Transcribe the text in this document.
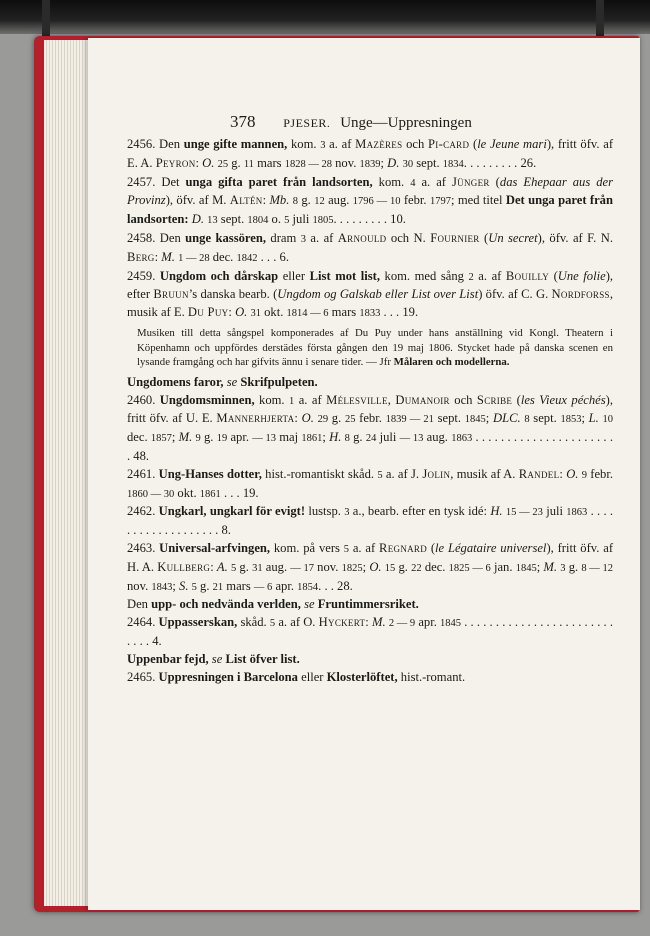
378 PJESER. Unge—Uppresningen

2456. Den unge gifte mannen, kom. 3 a. af Mazères och Pi-card (le Jeune mari), fritt öfv. af E. A. Peyron: O. 25 g. 11 mars 1828 — 28 nov. 1839; D. 30 sept. 1834. . . . . . . . . 26.

2457. Det unga gifta paret från landsorten, kom. 4 a. af Jünger (das Ehepaar aus der Provinz), öfv. af M. Altén: Mb. 8 g. 12 aug. 1796 — 10 febr. 1797; med titel Det unga paret från landsorten: D. 13 sept. 1804 o. 5 juli 1805. . . . . . . . . 10.

2458. Den unge kassören, dram 3 a. af Arnould och N. Fournier (Un secret), öfv. af F. N. Berg: M. 1 — 28 dec. 1842 . . . 6.

2459. Ungdom och dårskap eller List mot list, kom. med sång 2 a. af Bouilly (Une folie), efter Bruun’s danska bearb. (Ungdom og Galskab eller List over List) öfv. af C. G. Nordforss, musik af E. Du Puy: O. 31 okt. 1814 — 6 mars 1833 . . . 19.

Musiken till detta sångspel komponerades af Du Puy under hans anställning vid Kongl. Theatern i Köpenhamn och uppfördes derstädes första gången den 19 maj 1806. Stycket hade på danska scenen en lysande framgång och har gifvits ännu i senare tider. — Jfr Målaren och modellerna.

Ungdomens faror, se Skrifpulpeten.

2460. Ungdomsminnen, kom. 1 a. af Mélesville, Dumanoir och Scribe (les Vieux péchés), fritt öfv. af U. E. Mannerhjerta: O. 29 g. 25 febr. 1839 — 21 sept. 1845; DLC. 8 sept. 1853; L. 10 dec. 1857; M. 9 g. 19 apr. — 13 maj 1861; H. 8 g. 24 juli — 13 aug. 1863 . . . . . . . . . . . . . . . . . . . . . . . 48.

2461. Ung-Hanses dotter, hist.-romantiskt skåd. 5 a. af J. Jolin, musik af A. Randel: O. 9 febr. 1860 — 30 okt. 1861 . . . 19.

2462. Ungkarl, ungkarl för evigt! lustsp. 3 a., bearb. efter en tysk idé: H. 15 — 23 juli 1863 . . . . . . . . . . . . . . . . . . . 8.

2463. Universal-arfvingen, kom. på vers 5 a. af Regnard (le Légataire universel), fritt öfv. af H. A. Kullberg: A. 5 g. 31 aug. — 17 nov. 1825; O. 15 g. 22 dec. 1825 — 6 jan. 1845; M. 3 g. 8 — 12 nov. 1843; S. 5 g. 21 mars — 6 apr. 1854. . . 28.

Den upp- och nedvända verlden, se Fruntimmersriket.

2464. Uppasserskan, skåd. 5 a. af O. Hyckert: M. 2 — 9 apr. 1845 . . . . . . . . . . . . . . . . . . . . . . . . . . . . 4.

Uppenbar fejd, se List öfver list.

2465. Uppresningen i Barcelona eller Klosterlöftet, hist.-romant.
